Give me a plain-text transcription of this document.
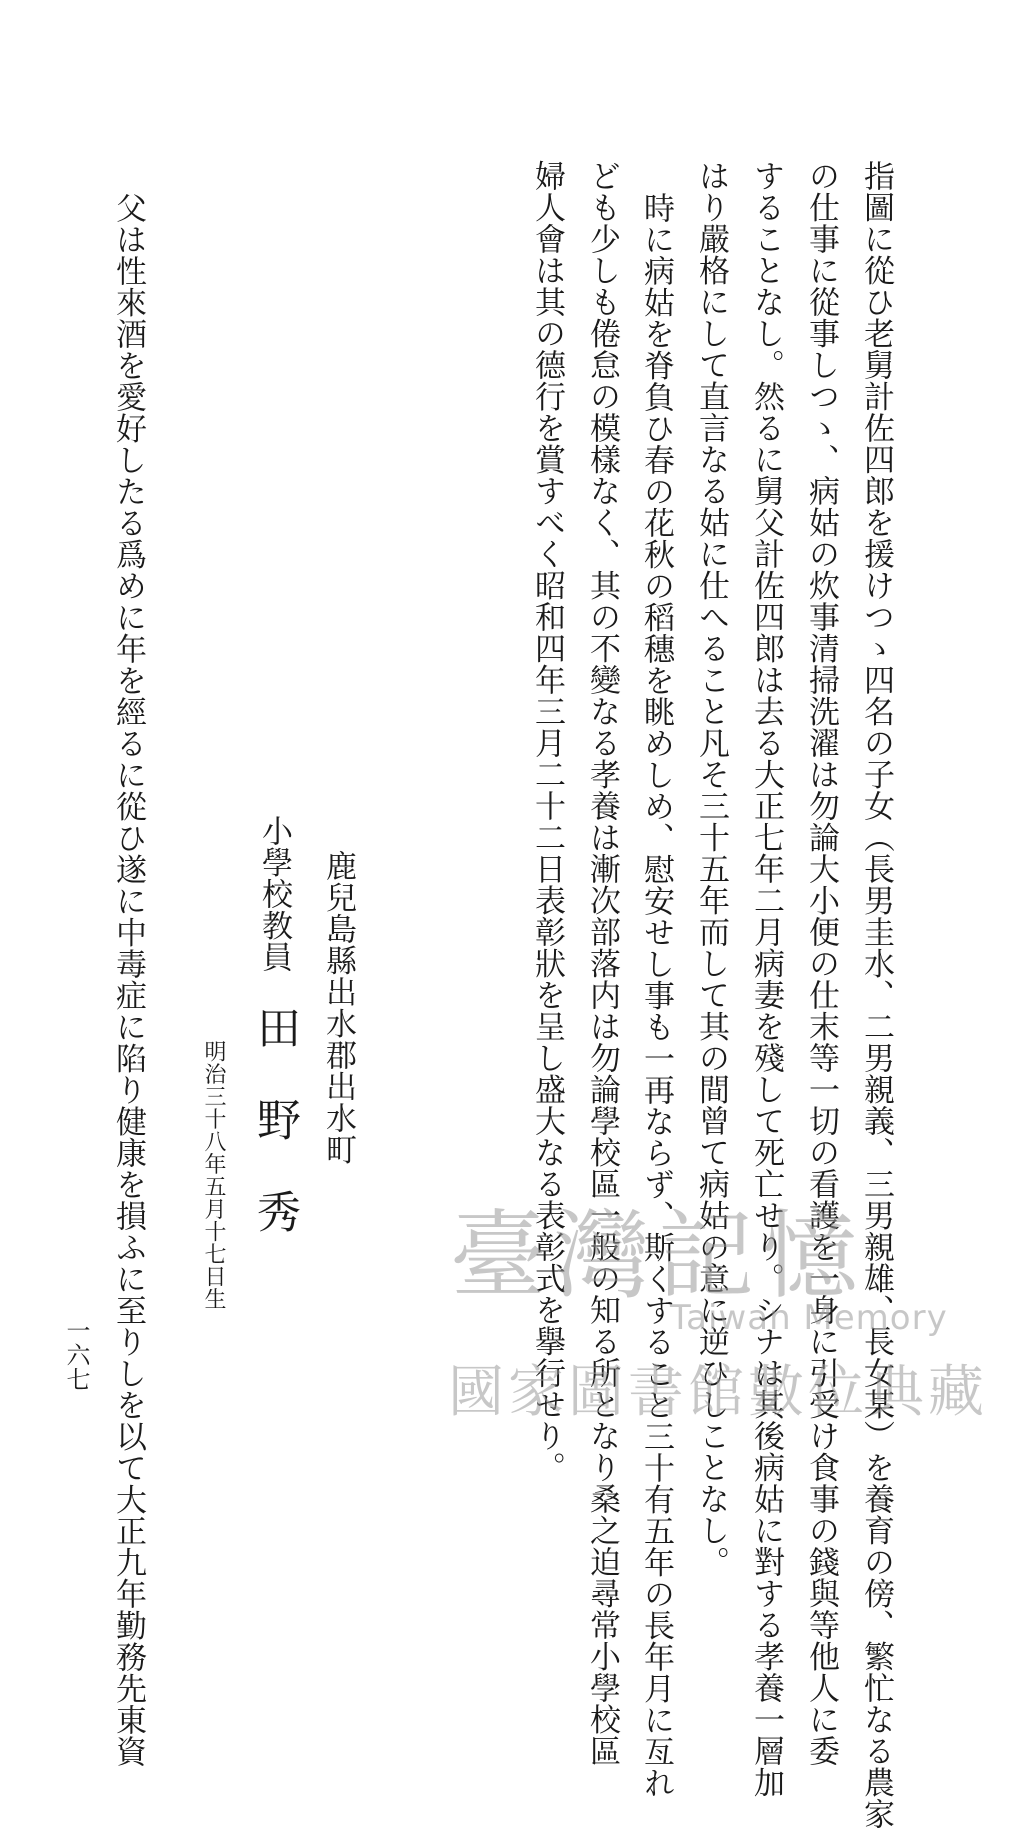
指圖に從ひ老舅計佐四郎を援けつゝ四名の子女（長男圭水、二男親義、三男親雄、長女某）を養育の傍、繁忙なる農家
の仕事に從事しつゝ、病姑の炊事清掃洗濯は勿論大小便の仕末等一切の看護を一身に引受け食事の錢與等他人に委
することなし。然るに舅父計佐四郎は去る大正七年二月病妻を殘して死亡せり。シナは其後病姑に對する孝養一層加
はり嚴格にして直言なる姑に仕へること凡そ三十五年而して其の間曾て病姑の意に逆ひしことなし。
時に病姑を脊負ひ春の花秋の稻穗を眺めしめ、慰安せし事も一再ならず、斯くすること三十有五年の長年月に亙れ
ども少しも倦怠の模樣なく、其の不變なる孝養は漸次部落内は勿論學校區一般の知る所となり桑之迫尋常小學校區
婦人會は其の德行を賞すべく昭和四年三月二十二日表彰狀を呈し盛大なる表彰式を擧行せり。
鹿兒島縣出水郡出水町
小學校教員
田野秀
明治三十八年五月十七日生
父は性來酒を愛好したる爲めに年を經るに從ひ遂に中毒症に陷り健康を損ふに至りしを以て大正九年勤務先東資
一六七
臺灣記憶
Taiwan Memory
國家圖書館數位典藏
